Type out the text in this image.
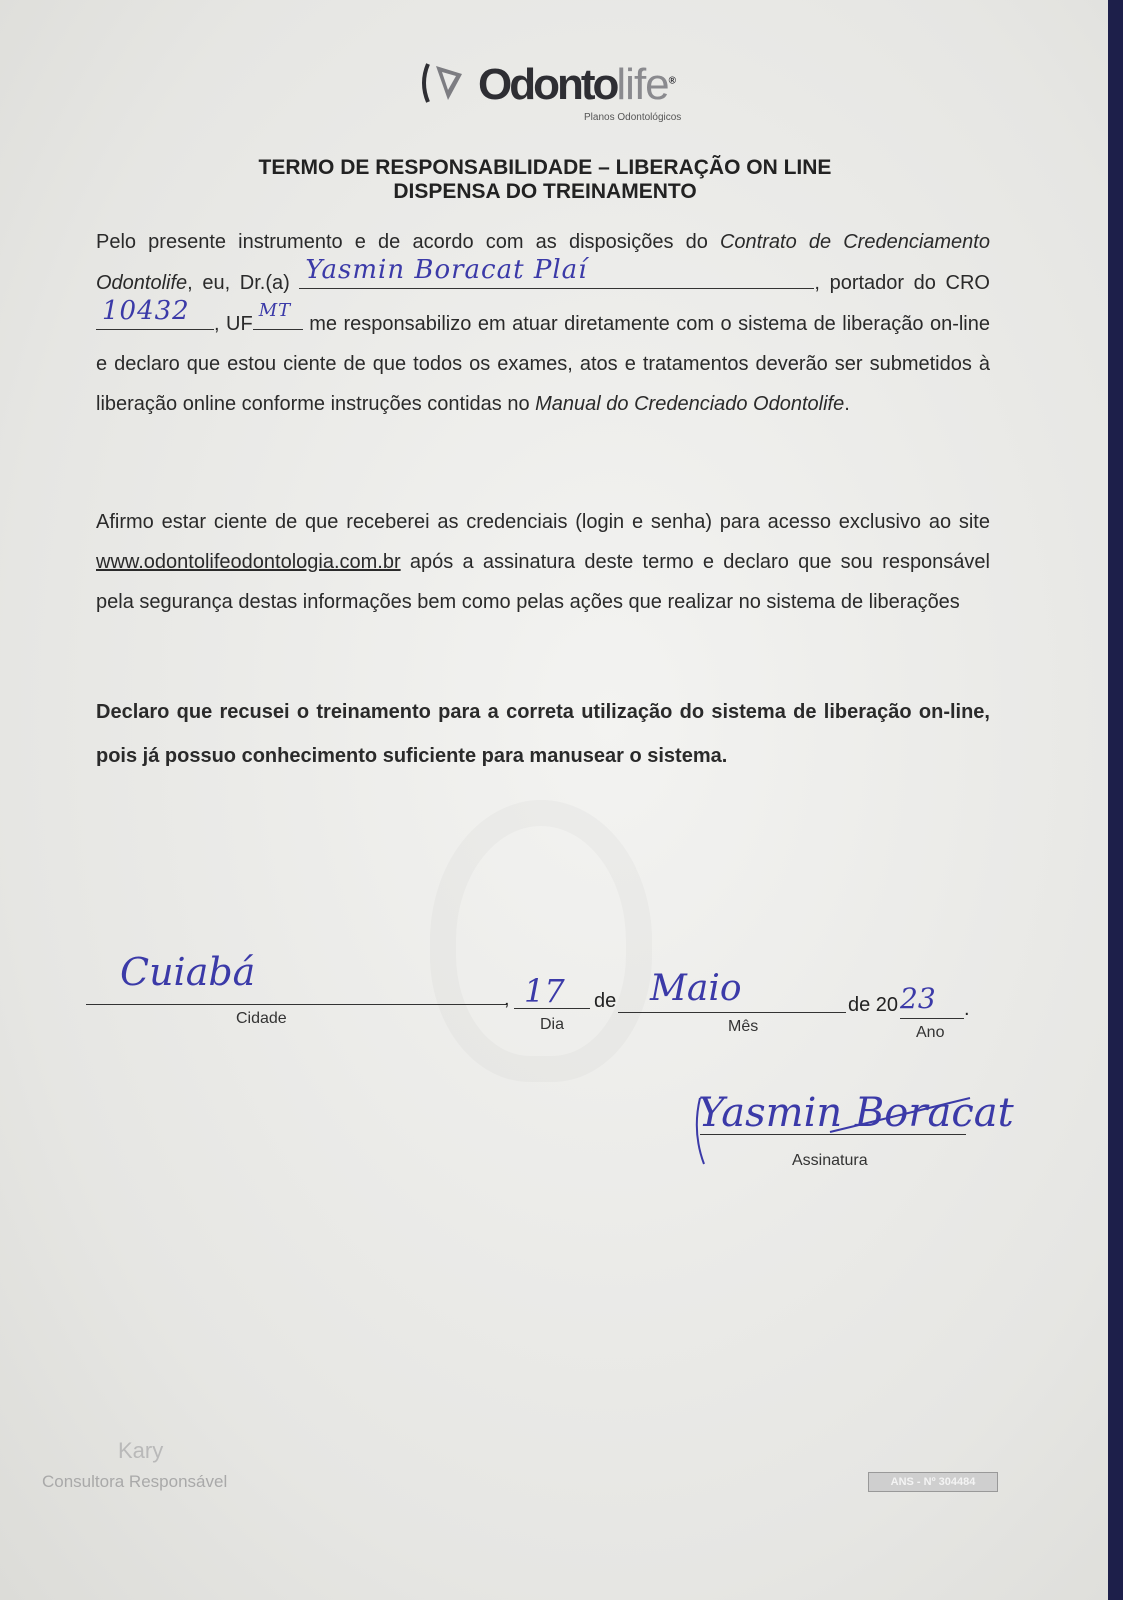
Odontolife®
Planos Odontológicos
TERMO DE RESPONSABILIDADE – LIBERAÇÃO ON LINE
DISPENSA DO TREINAMENTO
Pelo presente instrumento e de acordo com as disposições do Contrato de Credenciamento Odontolife, eu, Dr.(a) Yasmin Boracat Plaí	, portador do CRO
10432 , UF
MT
me responsabilizo em atuar diretamente com o sistema de liberação on-line e declaro que estou ciente de que todos os exames, atos e tratamentos deverão ser submetidos à liberação online conforme instruções contidas no Manual do Credenciado Odontolife.
Afirmo estar ciente de que receberei as credenciais (login e senha) para acesso exclusivo ao site www.odontolifeodontologia.com.br após a assinatura deste termo e declaro que sou responsável pela segurança destas informações bem como pelas ações que realizar no sistema de liberações
Declaro que recusei o treinamento para a correta utilização do sistema de liberação on-line, pois já possuo conhecimento suficiente para manusear o sistema.
Cuiabá
Cidade
, 17
Dia
de Maio
Mês
de 20 23 .
Ano
Yasmin Boracat
Assinatura
Kary
Consultora Responsável	ANS - Nº 304484
